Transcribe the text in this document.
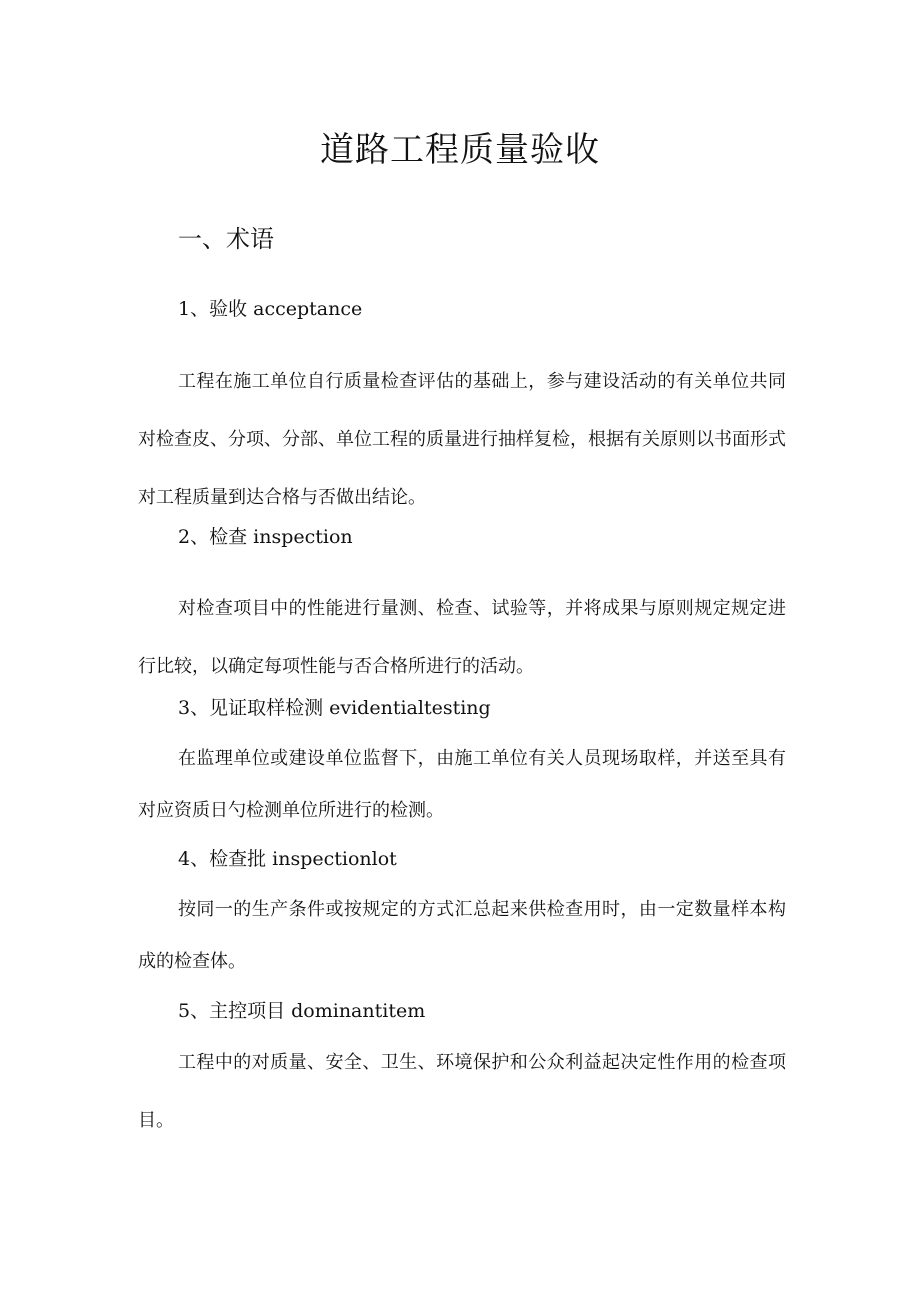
道路工程质量验收
一、术语

1、验收 acceptance

工程在施工单位自行质量检查评估的基础上，参与建设活动的有关单位共同对检查皮、分项、分部、单位工程的质量进行抽样复检，根据有关原则以书面形式对工程质量到达合格与否做出结论。

2、检查 inspection

对检查项目中的性能进行量测、检查、试验等，并将成果与原则规定规定进行比较，以确定每项性能与否合格所进行的活动。

3、见证取样检测 evidentialtesting

在监理单位或建设单位监督下，由施工单位有关人员现场取样，并送至具有对应资质日勺检测单位所进行的检测。

4、检查批 inspectionlot

按同一的生产条件或按规定的方式汇总起来供检查用时，由一定数量样本构成的检查体。

5、主控项目 dominantitem

工程中的对质量、安全、卫生、环境保护和公众利益起决定性作用的检查项目。
